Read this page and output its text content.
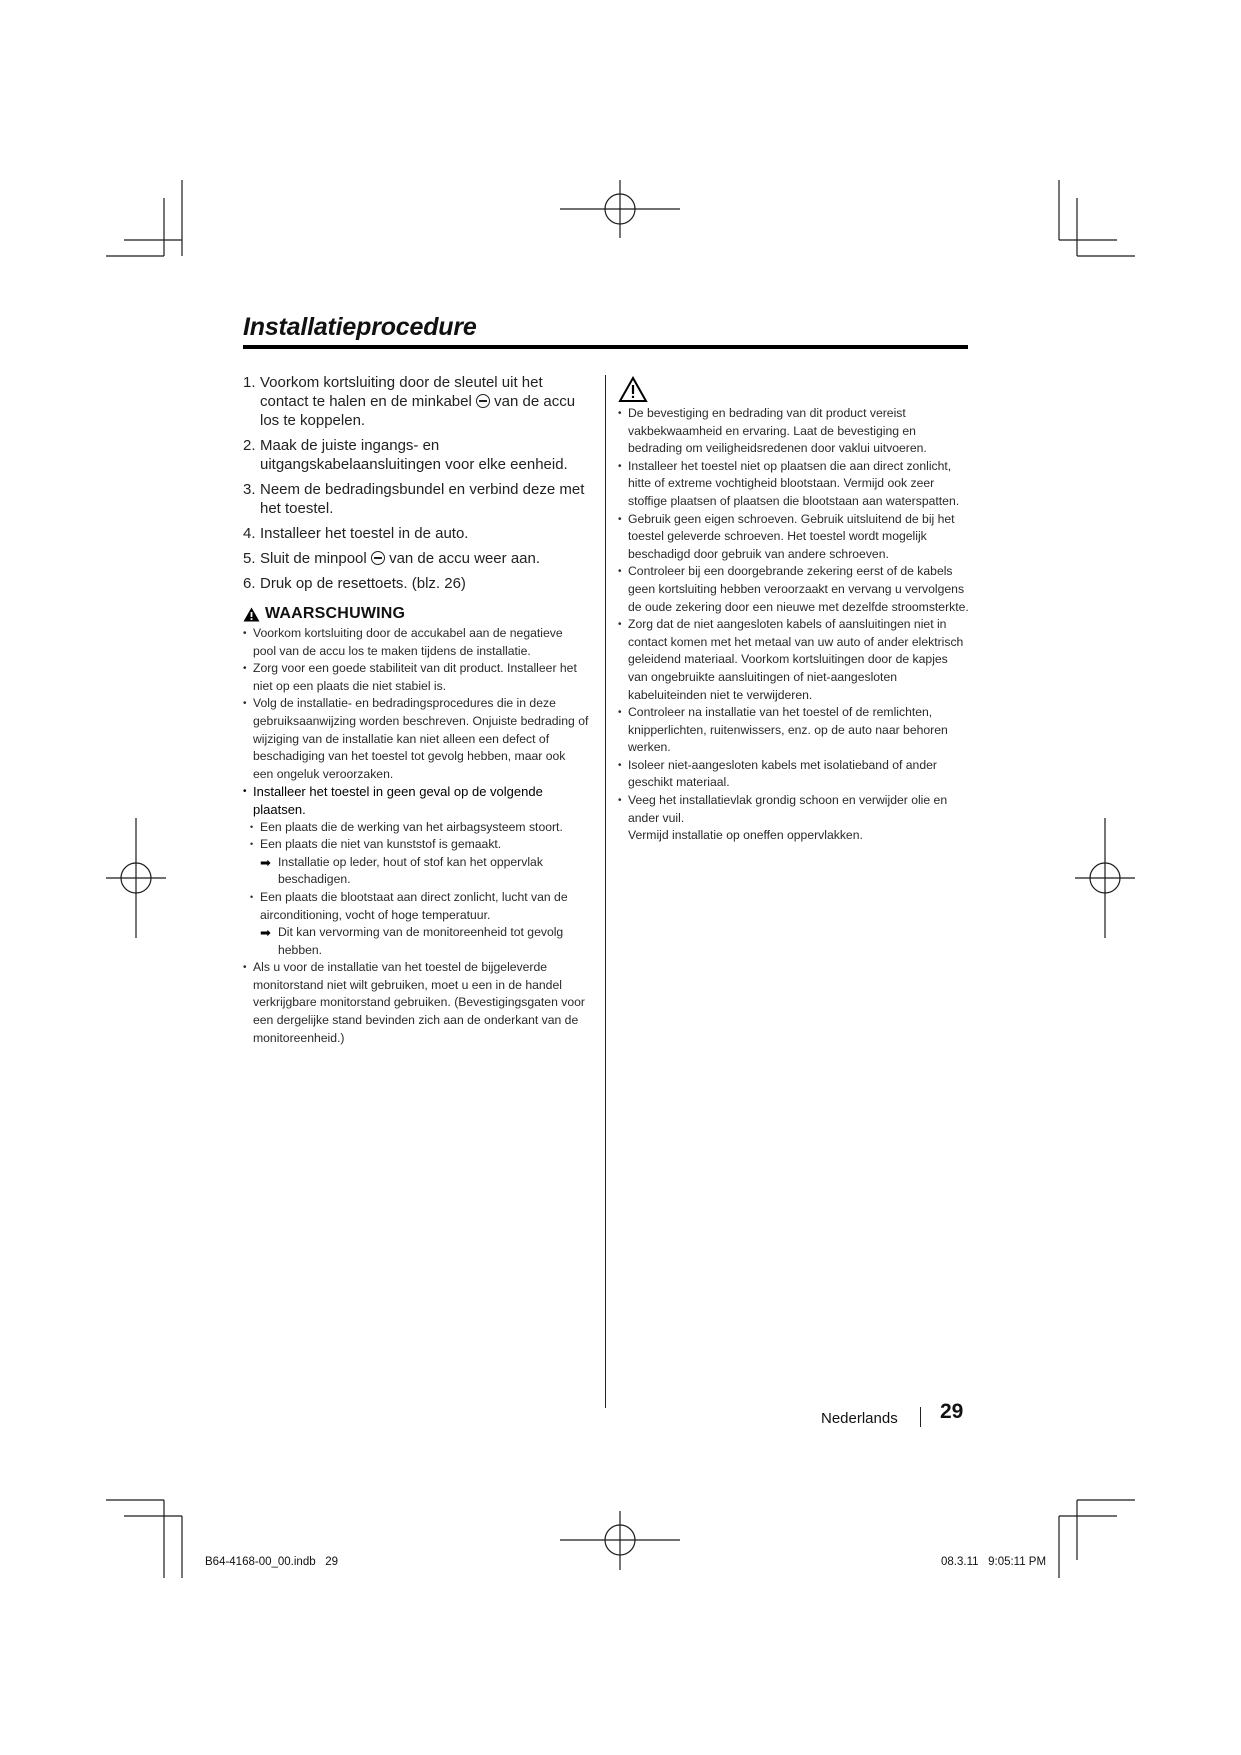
Installatieprocedure
1. Voorkom kortsluiting door de sleutel uit het contact te halen en de minkabel van de accu los te koppelen.
2. Maak de juiste ingangs- en uitgangskabelaansluitingen voor elke eenheid.
3. Neem de bedradingsbundel en verbind deze met het toestel.
4. Installeer het toestel in de auto.
5. Sluit de minpool van de accu weer aan.
6. Druk op de resettoets. (blz. 26)
WAARSCHUWING
• Voorkom kortsluiting door de accukabel aan de negatieve pool van de accu los te maken tijdens de installatie.
• Zorg voor een goede stabiliteit van dit product. Installeer het niet op een plaats die niet stabiel is.
• Volg de installatie- en bedradingsprocedures die in deze gebruiksaanwijzing worden beschreven. Onjuiste bedrading of wijziging van de installatie kan niet alleen een defect of beschadiging van het toestel tot gevolg hebben, maar ook een ongeluk veroorzaken.
• Installeer het toestel in geen geval op de volgende plaatsen.
• Een plaats die de werking van het airbagsysteem stoort.
• Een plaats die niet van kunststof is gemaakt.
➡ Installatie op leder, hout of stof kan het oppervlak beschadigen.
• Een plaats die blootstaat aan direct zonlicht, lucht van de airconditioning, vocht of hoge temperatuur.
➡ Dit kan vervorming van de monitoreenheid tot gevolg hebben.
• Als u voor de installatie van het toestel de bijgeleverde monitorstand niet wilt gebruiken, moet u een in de handel verkrijgbare monitorstand gebruiken. (Bevestigingsgaten voor een dergelijke stand bevinden zich aan de onderkant van de monitoreenheid.)
• De bevestiging en bedrading van dit product vereist vakbekwaamheid en ervaring. Laat de bevestiging en bedrading om veiligheidsredenen door vaklui uitvoeren.
• Installeer het toestel niet op plaatsen die aan direct zonlicht, hitte of extreme vochtigheid blootstaan. Vermijd ook zeer stoffige plaatsen of plaatsen die blootstaan aan waterspatten.
• Gebruik geen eigen schroeven. Gebruik uitsluitend de bij het toestel geleverde schroeven. Het toestel wordt mogelijk beschadigd door gebruik van andere schroeven.
• Controleer bij een doorgebrande zekering eerst of de kabels geen kortsluiting hebben veroorzaakt en vervang u vervolgens de oude zekering door een nieuwe met dezelfde stroomsterkte.
• Zorg dat de niet aangesloten kabels of aansluitingen niet in contact komen met het metaal van uw auto of ander elektrisch geleidend materiaal. Voorkom kortsluitingen door de kapjes van ongebruikte aansluitingen of niet-aangesloten kabeluiteinden niet te verwijderen.
• Controleer na installatie van het toestel of de remlichten, knipperlichten, ruitenwissers, enz. op de auto naar behoren werken.
• Isoleer niet-aangesloten kabels met isolatieband of ander geschikt materiaal.
• Veeg het installatievlak grondig schoon en verwijder olie en ander vuil.
Vermijd installatie op oneffen oppervlakken.
Nederlands 29
B64-4168-00_00.indb   29	08.3.11   9:05:11 PM
